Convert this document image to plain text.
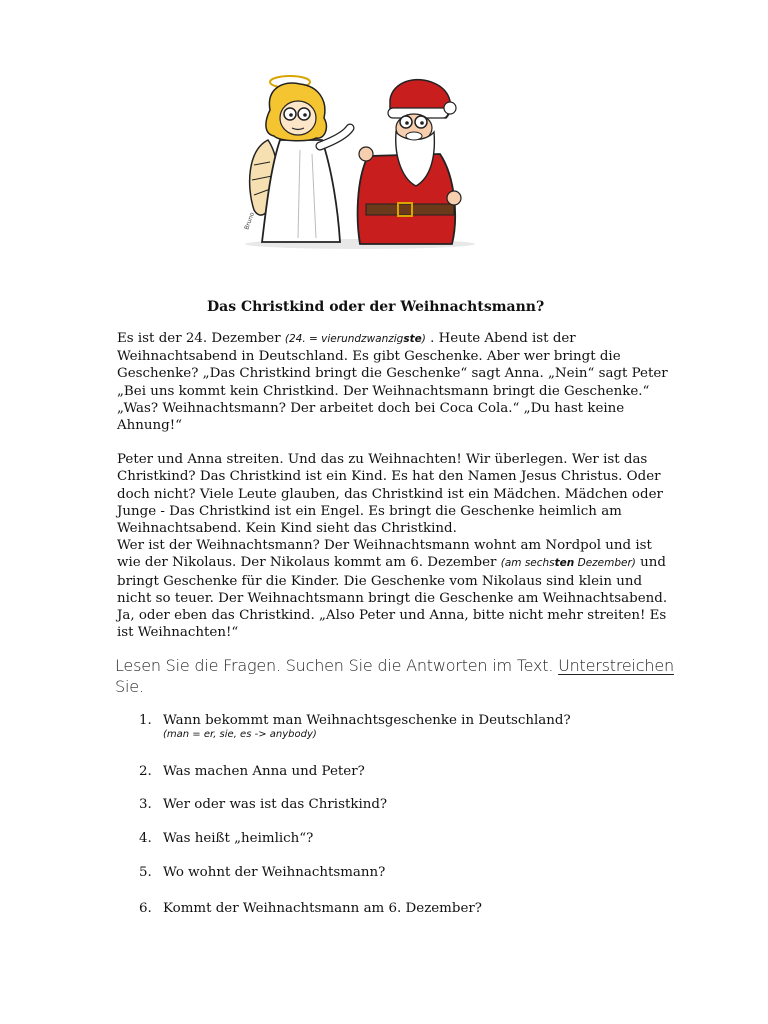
Bruno
Das Christkind oder der Weihnachtsmann?

Es ist der 24. Dezember (24. = vierundzwanzigste) . Heute Abend ist der Weihnachtsabend in Deutschland. Es gibt Geschenke. Aber wer bringt die Geschenke? „Das Christkind bringt die Geschenke“ sagt Anna. „Nein“ sagt Peter „Bei uns kommt kein Christkind. Der Weihnachtsmann bringt die Geschenke.“ „Was? Weihnachtsmann? Der arbeitet doch bei Coca Cola.“ „Du hast keine Ahnung!“

Peter und Anna streiten. Und das zu Weihnachten! Wir überlegen. Wer ist das Christkind? Das Christkind ist ein Kind. Es hat den Namen Jesus Christus. Oder doch nicht? Viele Leute glauben, das Christkind ist ein Mädchen. Mädchen oder Junge - Das Christkind ist ein Engel. Es bringt die Geschenke heimlich am Weihnachtsabend. Kein Kind sieht das Christkind.

Wer ist der Weihnachtsmann? Der Weihnachtsmann wohnt am Nordpol und ist wie der Nikolaus. Der Nikolaus kommt am 6. Dezember (am sechsten Dezember) und bringt Geschenke für die Kinder. Die Geschenke vom Nikolaus sind klein und nicht so teuer. Der Weihnachtsmann bringt die Geschenke am Weihnachtsabend. Ja, oder eben das Christkind. „Also Peter und Anna, bitte nicht mehr streiten! Es ist Weihnachten!“

Lesen Sie die Fragen. Suchen Sie die Antworten im Text. Unterstreichen Sie.
1. Wann bekommt man Weihnachtsgeschenke in Deutschland?
(man = er, sie, es -> anybody)
2. Was machen Anna und Peter?
3. Wer oder was ist das Christkind?
4. Was heißt „heimlich“?
5. Wo wohnt der Weihnachtsmann?
6. Kommt der Weihnachtsmann am 6. Dezember?
